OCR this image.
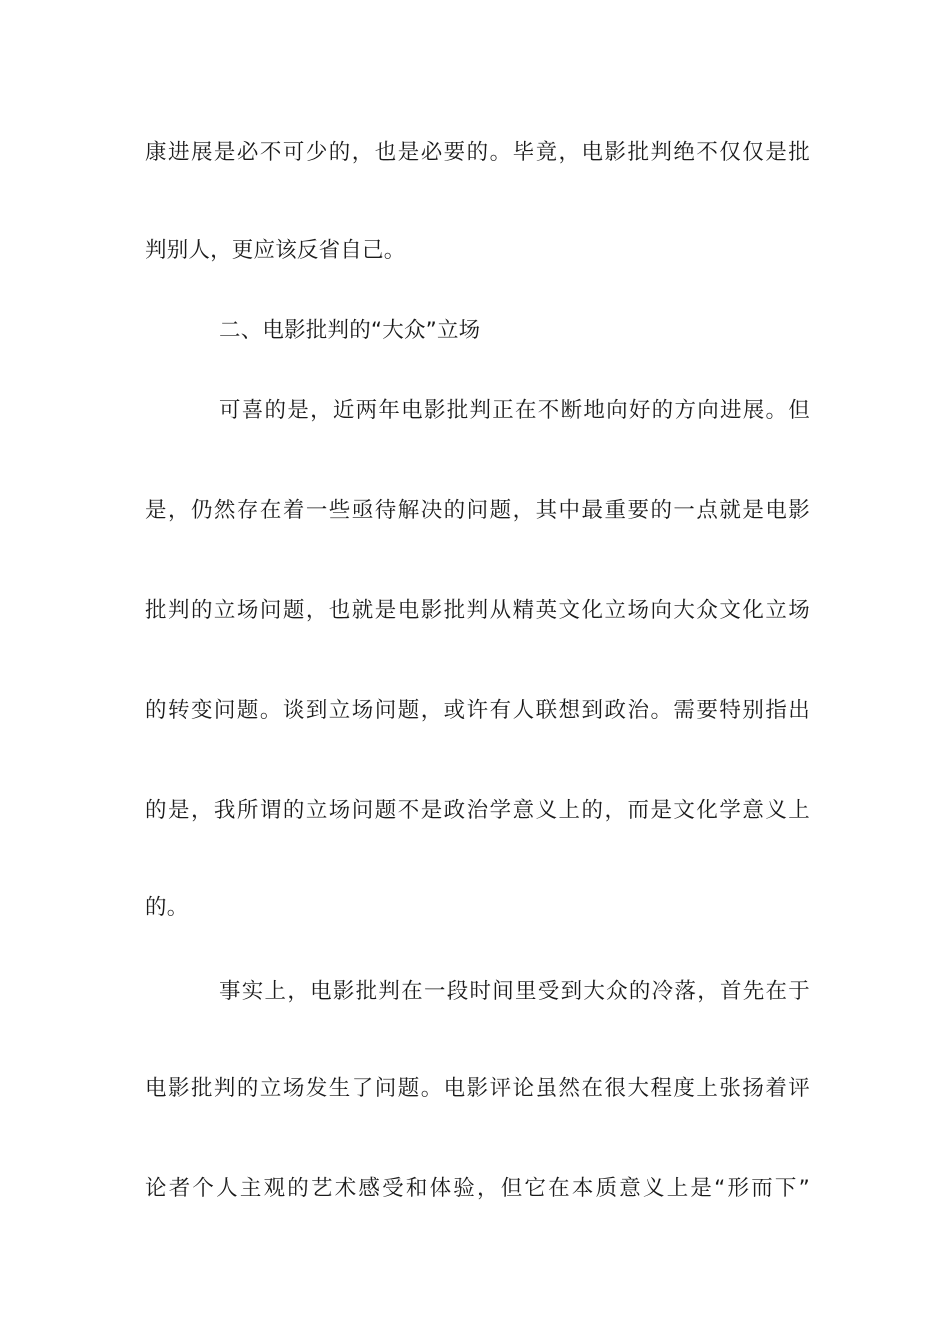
康进展是必不可少的，也是必要的。毕竟，电影批判绝不仅仅是批
判别人，更应该反省自己。
二、电影批判的“大众”立场
可喜的是，近两年电影批判正在不断地向好的方向进展。但
是，仍然存在着一些亟待解决的问题，其中最重要的一点就是电影
批判的立场问题，也就是电影批判从精英文化立场向大众文化立场
的转变问题。谈到立场问题，或许有人联想到政治。需要特别指出
的是，我所谓的立场问题不是政治学意义上的，而是文化学意义上
的。
事实上，电影批判在一段时间里受到大众的冷落，首先在于
电影批判的立场发生了问题。电影评论虽然在很大程度上张扬着评
论者个人主观的艺术感受和体验，但它在本质意义上是“形而下”
